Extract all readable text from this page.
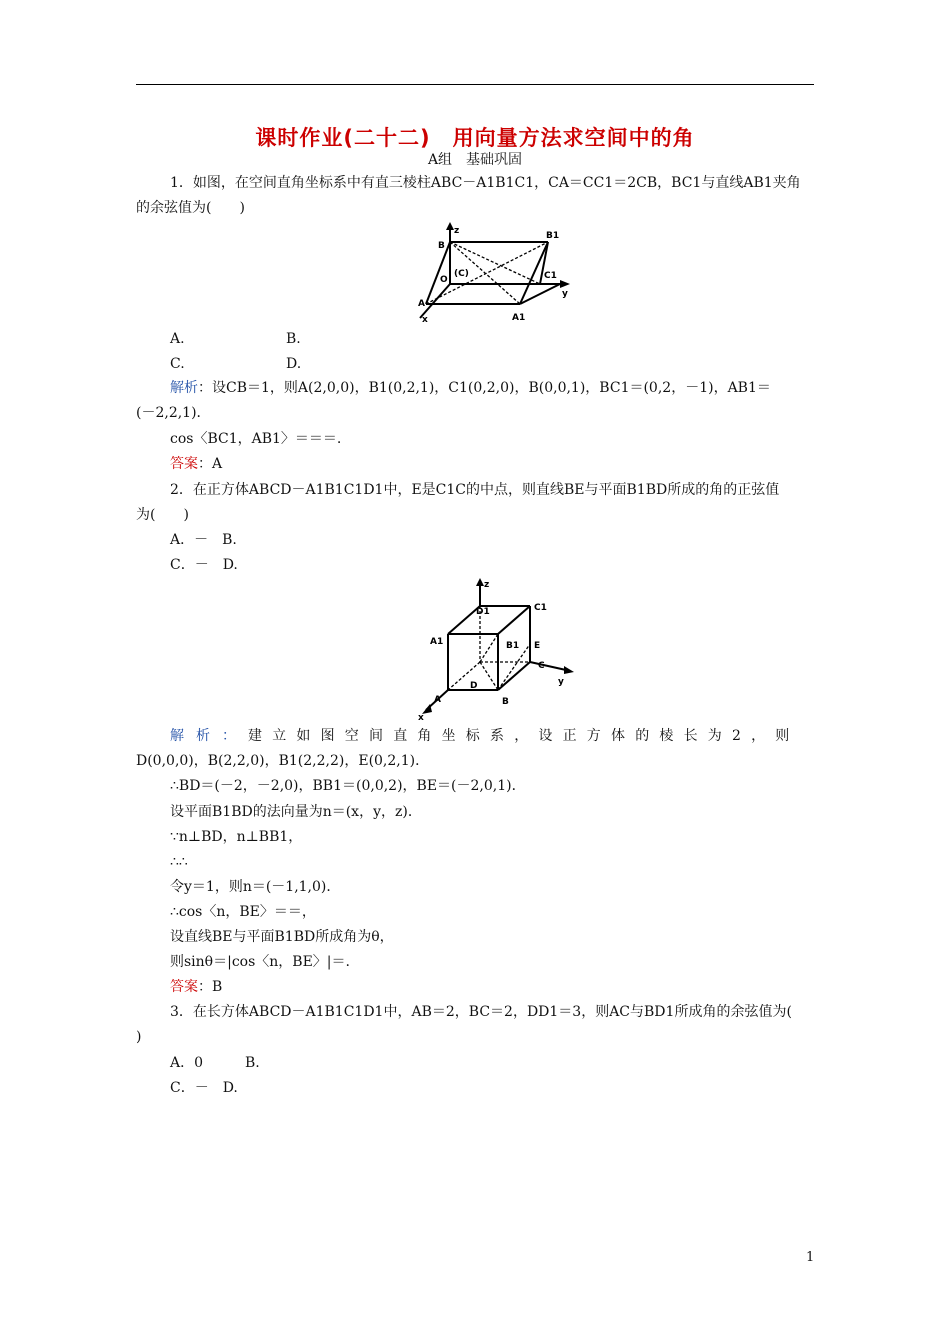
课时作业(二十二)　用向量方法求空间中的角
A组　基础巩固
1．如图，在空间直角坐标系中有直三棱柱ABC－A1B1C1，CA＝CC1＝2CB，BC1与直线AB1夹角
的余弦值为(　　)
B
z	B1
(C)
O	C1
y
A
x	A1
A.	B.
C.	D.
解析：设CB＝1，则A(2,0,0)，B1(0,2,1)，C1(0,2,0)，B(0,0,1)，BC1＝(0,2，－1)，AB1＝
(－2,2,1)．
cos〈BC1，AB1〉＝＝＝.
答案：A
2．在正方体ABCD－A1B1C1D1中，E是C1C的中点，则直线BE与平面B1BD所成的角的正弦值
为(　　)
A．－　B.
C．－　D.
z
D1	C1
A1	B1 E
C
y
D
A	B
x
解析：建立如图空间直角坐标系，设正方体的棱长为2，则
D(0,0,0)，B(2,2,0)，B1(2,2,2)，E(0,2,1)．
∴BD＝(－2，－2,0)，BB1＝(0,0,2)，BE＝(－2,0,1)．
设平面B1BD的法向量为n＝(x，y，z)．
∵n⊥BD，n⊥BB1，
∴∴
令y＝1，则n＝(－1,1,0)．
∴cos〈n，BE〉＝＝，
设直线BE与平面B1BD所成角为θ，
则sinθ＝|cos〈n，BE〉|＝.
答案：B
3．在长方体ABCD－A1B1C1D1中，AB＝2，BC＝2，DD1＝3，则AC与BD1所成角的余弦值为(
)
A．0　　　B.
C．－　D.
1
